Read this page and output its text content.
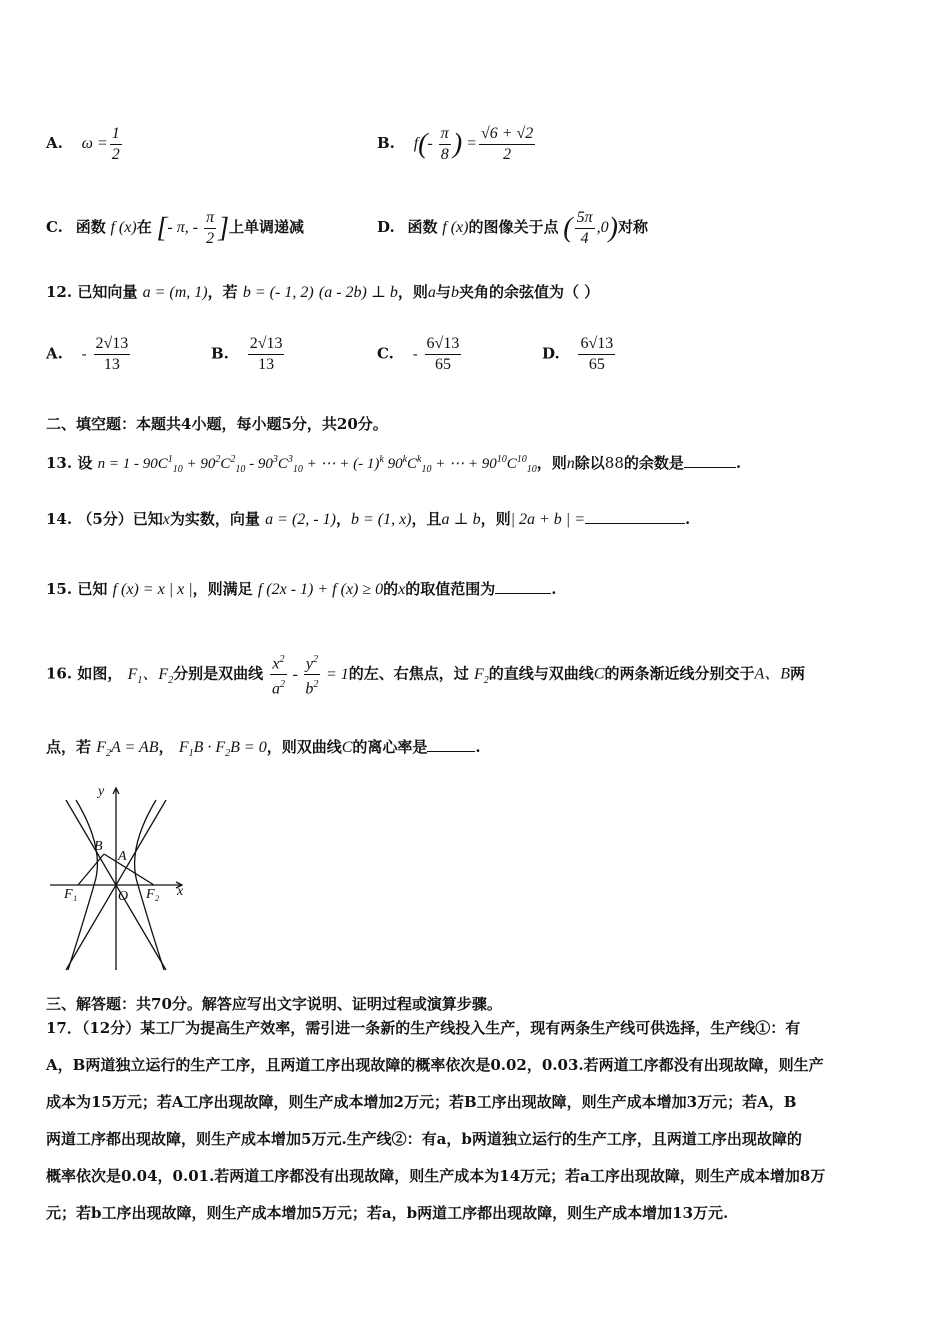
A. $\omega = \frac{1}{2}$	B. $f(- \frac{\pi}{8}$ ) = $\frac{√6 + √2}{2}$
C. 函数 f (x)在 [- π, - $\frac{\pi}{2}$ ]上单调递减	D. 函数 f (x)的图像关于点 ( $\frac{5\pi}{4} ,0$)对称
12. 已知向量 a = (m, 1)，若 b = (- 1, 2) (a - 2b) ⊥ b，则a与b夹角的余弦值为（ ）
A. - $\frac{2√13}{13}$	B. $\frac{2√13}{13}$	C. - $\frac{6√13}{65}$	D. $\frac{6√13}{65}$
二、填空题：本题共4小题，每小题5分，共20分。
13. 设 $n = 1 - 90C^1_{10} + 90^2C^2_{10} - 90^3C^3_{10}$ + ⋯ + (- 1)$^k$ $90^kC^k_{10}$ + ⋯ + $90^{10}C^{10}_{10}$，则n除以88的余数是	.
14. （5分）已知x为实数，向量 a = (2, - 1)，b = (1, x)，且a ⊥ b，则| 2a + b | =	.
15. 已知 f (x) = x | x |，则满足 f (2x - 1) + f (x) ≥ 0的x的取值范围为	.
16. 如图， $F_1$、$F_2$分别是双曲线 $\frac{x^2}{a^2} - \frac{y^2}{b^2} = 1$的左、右焦点，过 $F_2$的直线与双曲线C的两条渐近线分别交于A、B两
点，若 $F_2A$ = AB， $F_1B \cdot F_2B = 0$，则双曲线C的离心率是	.
y
x
B
A
F₁	O F₂
三、解答题：共70分。解答应写出文字说明、证明过程或演算步骤。
17．（12分）某工厂为提高生产效率，需引进一条新的生产线投入生产，现有两条生产线可供选择，生产线①：有
A，B两道独立运行的生产工序，且两道工序出现故障的概率依次是0.02，0.03.若两道工序都没有出现故障，则生产
成本为15万元；若A工序出现故障，则生产成本增加2万元；若B工序出现故障，则生产成本增加3万元；若A，B
两道工序都出现故障，则生产成本增加5万元.生产线②：有a，b两道独立运行的生产工序，且两道工序出现故障的
概率依次是0.04，0.01.若两道工序都没有出现故障，则生产成本为14万元；若a工序出现故障，则生产成本增加8万
元；若b工序出现故障，则生产成本增加5万元；若a，b两道工序都出现故障，则生产成本增加13万元.
